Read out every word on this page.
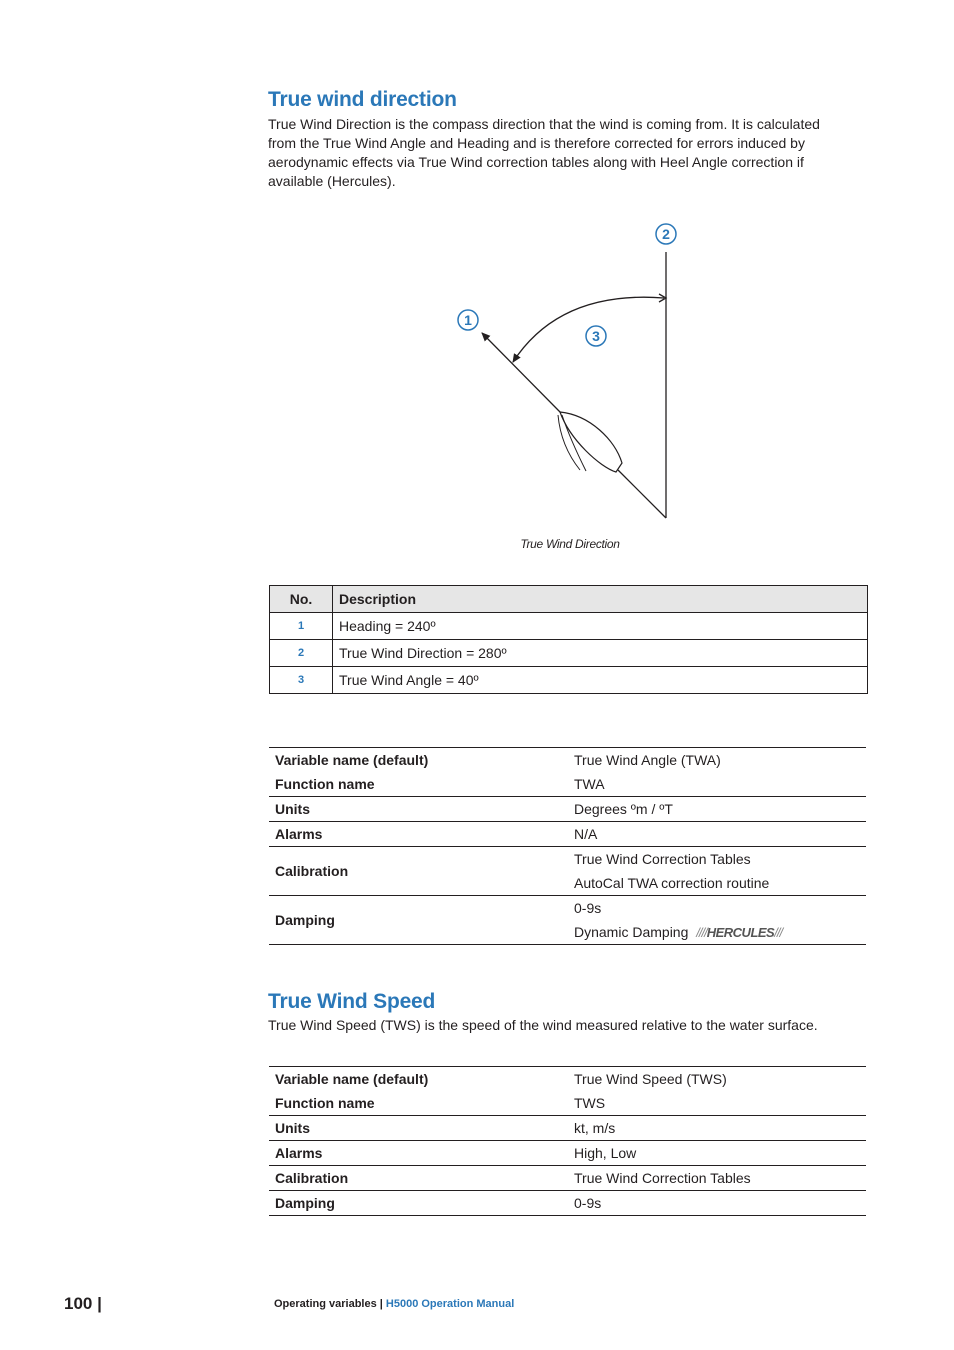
True wind direction
True Wind Direction is the compass direction that the wind is coming from. It is calculated from the True Wind Angle and Heading and is therefore corrected for errors induced by aerodynamic effects via True Wind correction tables along with Heel Angle correction if available (Hercules).
2
1
3
True Wind Direction
No.	Description
1	Heading = 240º
2	True Wind Direction = 280º
3	True Wind Angle = 40º
Variable name (default)	True Wind Angle (TWA)
Function name	TWA
Units	Degrees ºm / ºT
Alarms	N/A
Calibration	True Wind Correction Tables
	AutoCal TWA correction routine
Damping	0-9s
	Dynamic Damping ////HERCULES///
True Wind Speed
True Wind Speed (TWS) is the speed of the wind measured relative to the water surface.
Variable name (default)	True Wind Speed (TWS)
Function name	TWS
Units	kt, m/s
Alarms	High, Low
Calibration	True Wind Correction Tables
Damping	0-9s
100 |	Operating variables | H5000 Operation Manual
